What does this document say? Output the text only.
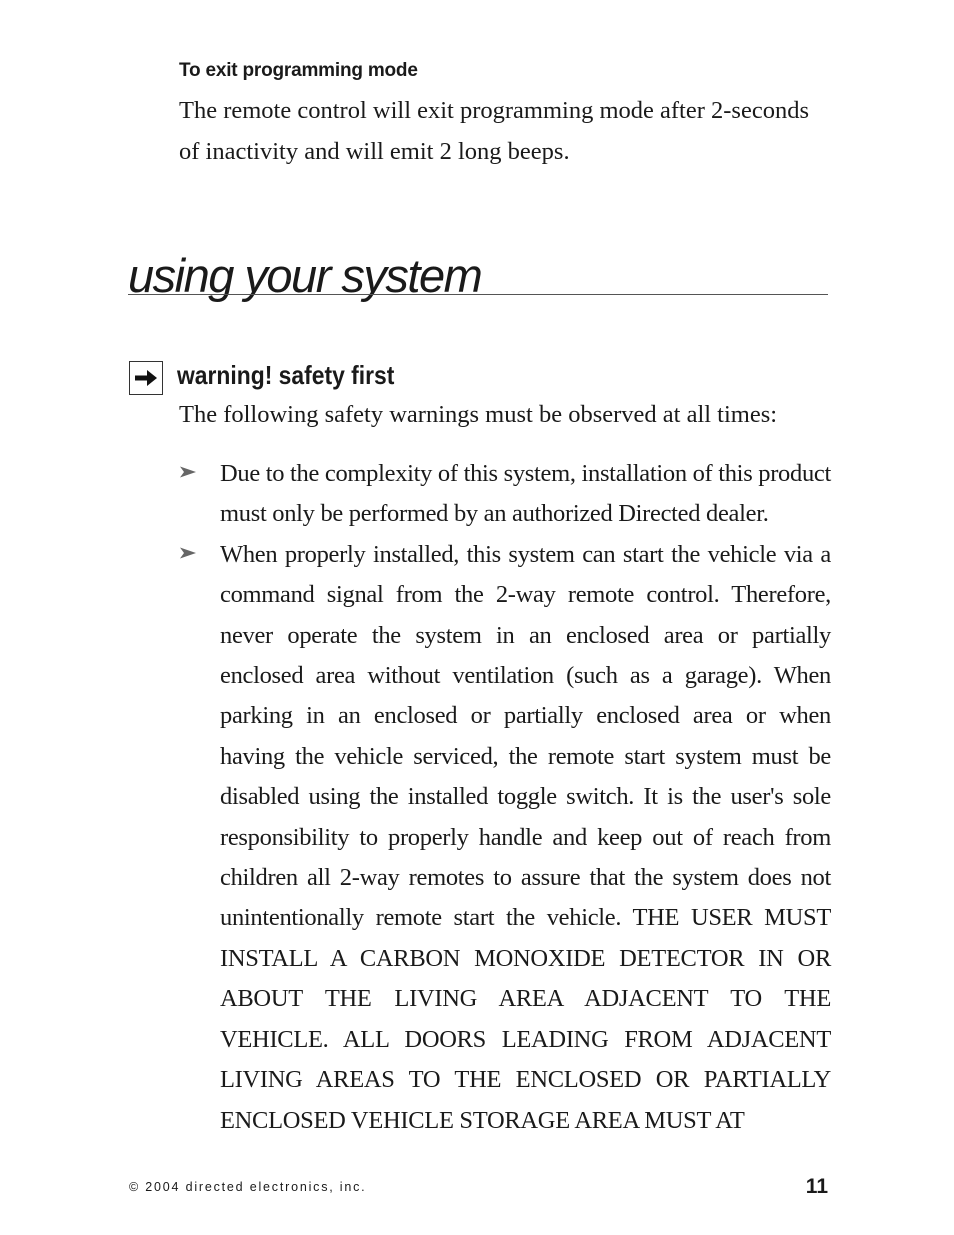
To exit programming mode

The remote control will exit programming mode after 2-seconds of inactivity and will emit 2 long beeps.

using your system
warning! safety first
The following safety warnings must be observed at all times:
Due to the complexity of this system, installation of this product must only be performed by an authorized Directed dealer.
When properly installed, this system can start the vehicle via a command signal from the 2-way remote control. Therefore, never operate the system in an enclosed area or partially enclosed area without ventilation (such as a garage). When parking in an enclosed or partially enclosed area or when having the vehicle serviced, the remote start system must be disabled using the installed toggle switch. It is the user's sole responsibility to properly handle and keep out of reach from children all 2-way remotes to assure that the system does not unintentionally remote start the vehicle. THE USER MUST INSTALL A CARBON MONOXIDE DETECTOR IN OR ABOUT THE LIVING AREA ADJACENT TO THE VEHICLE. ALL DOORS LEADING FROM ADJACENT LIVING AREAS TO THE ENCLOSED OR PARTIALLY ENCLOSED VEHICLE STORAGE AREA MUST AT
© 2004 directed electronics, inc.	11
